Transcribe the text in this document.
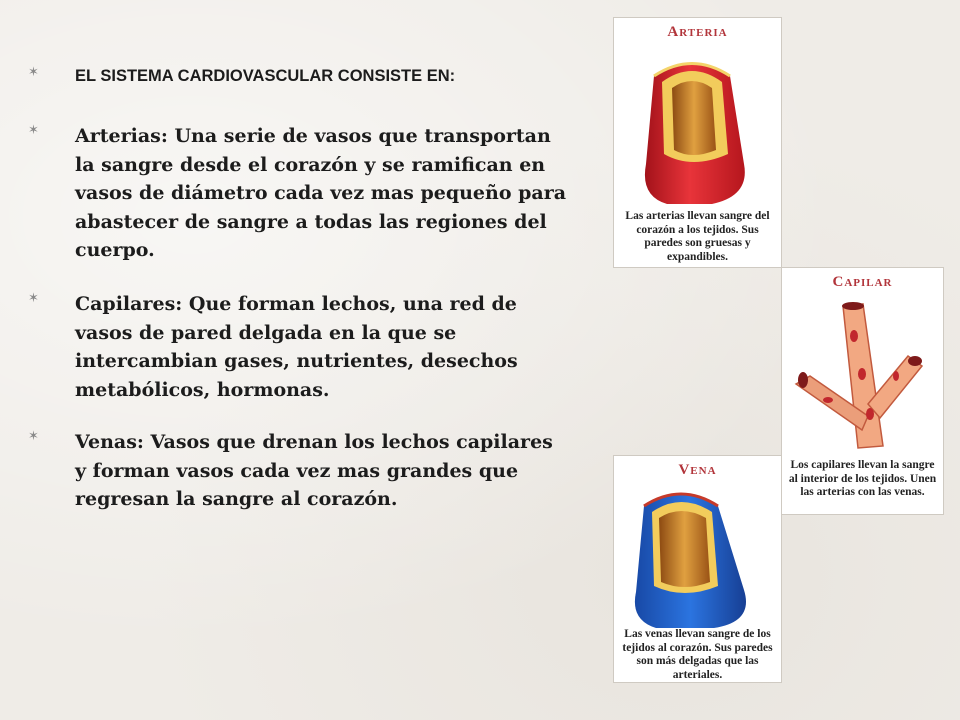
✶ EL SISTEMA CARDIOVASCULAR CONSISTE EN:
✶ Arterias: Una serie de vasos que transportan la sangre desde el corazón y se ramifican en vasos de diámetro cada vez mas pequeño para abastecer de sangre a todas las regiones del cuerpo.
✶ Capilares: Que forman lechos, una red de vasos de pared delgada en la que se intercambian gases, nutrientes, desechos metabólicos, hormonas.
✶ Venas: Vasos que drenan los lechos capilares y forman vasos cada vez mas grandes que regresan la sangre al corazón.
Arteria
Las arterias llevan sangre del corazón a los tejidos. Sus paredes son gruesas y expandibles.
Capilar
Los capilares llevan la sangre al interior de los tejidos. Unen las arterias con las venas.
Vena
Las venas llevan sangre de los tejidos al corazón. Sus paredes son más delgadas que las arteriales.
